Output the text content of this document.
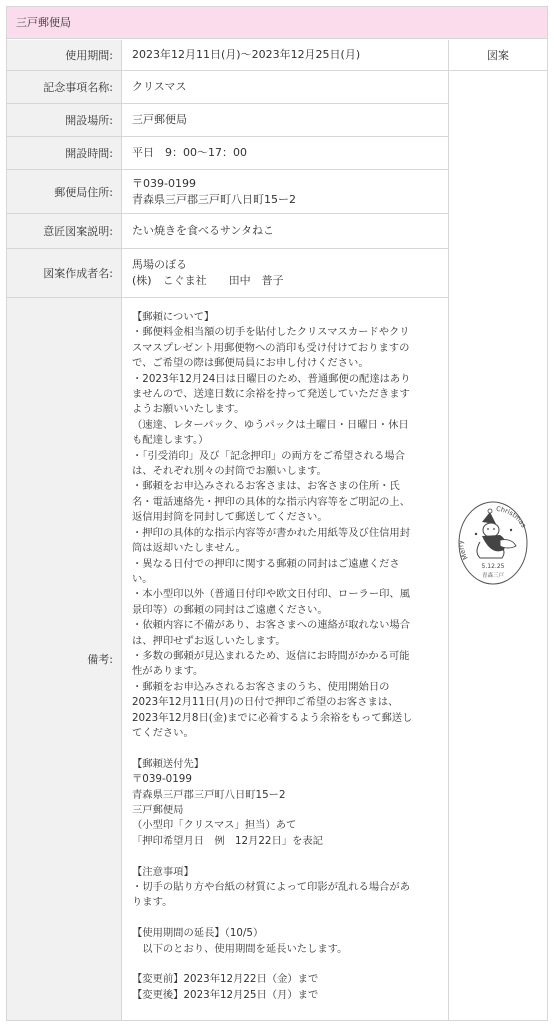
三戸郵便局
使用期間:	2023年12月11日(月)〜2023年12月25日(月)	図案
記念事項名称:	クリスマス
開設場所:	三戸郵便局
開設時間:	平日　9：00〜17：00
郵便局住所:
〒039-0199
青森県三戸郡三戸町八日町15ー2
意匠図案説明:	たい焼きを食べるサンタねこ
図案作成者名:
馬場のぼる
(株)　こぐま社　　田中　普子
備考:

【郵頼について】

・郵便料金相当額の切手を貼付したクリスマスカードやクリ

スマスプレゼント用郵便物への消印も受け付けておりますの

で、ご希望の際は郵便局員にお申し付けください。

・2023年12月24日は日曜日のため、普通郵便の配達はあり

ませんので、送達日数に余裕を持って発送していただきます

ようお願いいたします。

（速達、レターパック、ゆうパックは土曜日・日曜日・休日

も配達します。）

・「引受消印」及び「記念押印」の両方をご希望される場合

は、それぞれ別々の封筒でお願いします。

・郵頼をお申込みされるお客さまは、お客さまの住所・氏

名・電話連絡先・押印の具体的な指示内容等をご明記の上、

返信用封筒を同封して郵送してください。

・押印の具体的な指示内容等が書かれた用紙等及び住信用封

筒は返却いたしません。

・異なる日付での押印に関する郵頼の同封はご遠慮くださ

い。

・本小型印以外（普通日付印や欧文日付印、ローラー印、風

景印等）の郵頼の同封はご遠慮ください。

・依頼内容に不備があり、お客さまへの連絡が取れない場合

は、押印せずお返しいたします。

・多数の郵頼が見込まれるため、返信にお時間がかかる可能

性があります。

・郵頼をお申込みされるお客さまのうち、使用開始日の

2023年12月11日(月)の日付で押印ご希望のお客さまは、

2023年12月8日(金)までに必着するよう余裕をもって郵送し

てください。

【郵頼送付先】

〒039-0199

青森県三戸郡三戸町八日町15ー2

三戸郵便局

（小型印「クリスマス」担当）あて

「押印希望月日　例　12月22日」を表記

【注意事項】

・切手の貼り方や台紙の材質によって印影が乱れる場合があ

ります。

【使用期間の延長】（10/5）

　以下のとおり、使用期間を延長いたします。

【変更前】2023年12月22日（金）まで

【変更後】2023年12月25日（月）まで

Merry
Christmas
5.12.25
青森三戸
